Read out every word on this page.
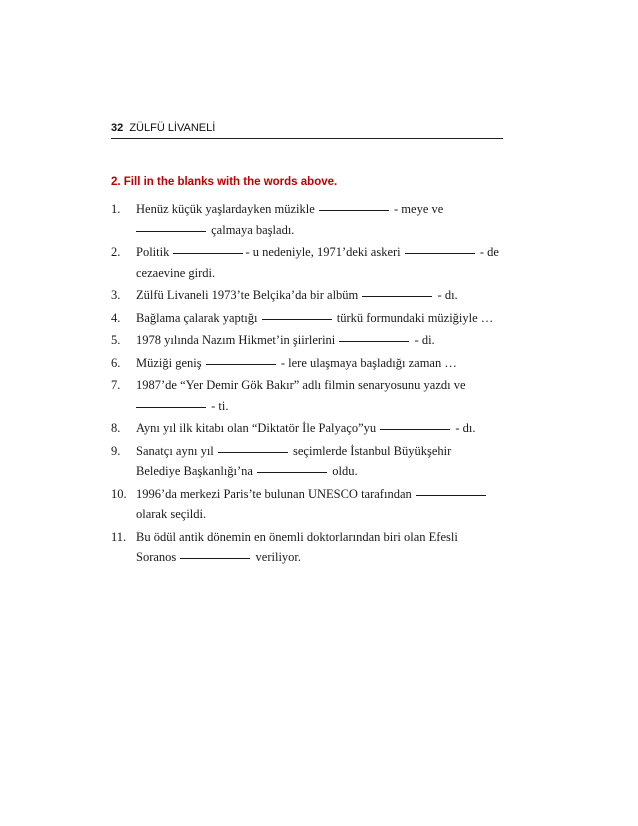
32 ZÜLFÜ LİVANELİ
2. Fill in the blanks with the words above.
1.	Henüz küçük yaşlardayken müzikle	- meye ve
çalmaya başladı.
2.	Politik	- u nedeniyle, 1971’deki askeri	- de
cezaevine girdi.
3.	Zülfü Livaneli 1973’te Belçika’da bir albüm	- dı.
4.	Bağlama çalarak yaptığı	türkü formundaki müziğiyle …
5.	1978 yılında Nazım Hikmet’in şiirlerini	- di.
6.	Müziği geniş	- lere ulaşmaya başladığı zaman …
7.	1987’de “Yer Demir Gök Bakır” adlı filmin senaryosunu yazdı ve
- ti.
8.	Aynı yıl ilk kitabı olan “Diktatör İle Palyaço”yu	- dı.
9.	Sanatçı aynı yıl	seçimlerde İstanbul Büyükşehir
Belediye Başkanlığı’na	oldu.
10. 1996’da merkezi Paris’te bulunan UNESCO tarafından
olarak seçildi.
11. Bu ödül antik dönemin en önemli doktorlarından biri olan Efesli
Soranos	veriliyor.
